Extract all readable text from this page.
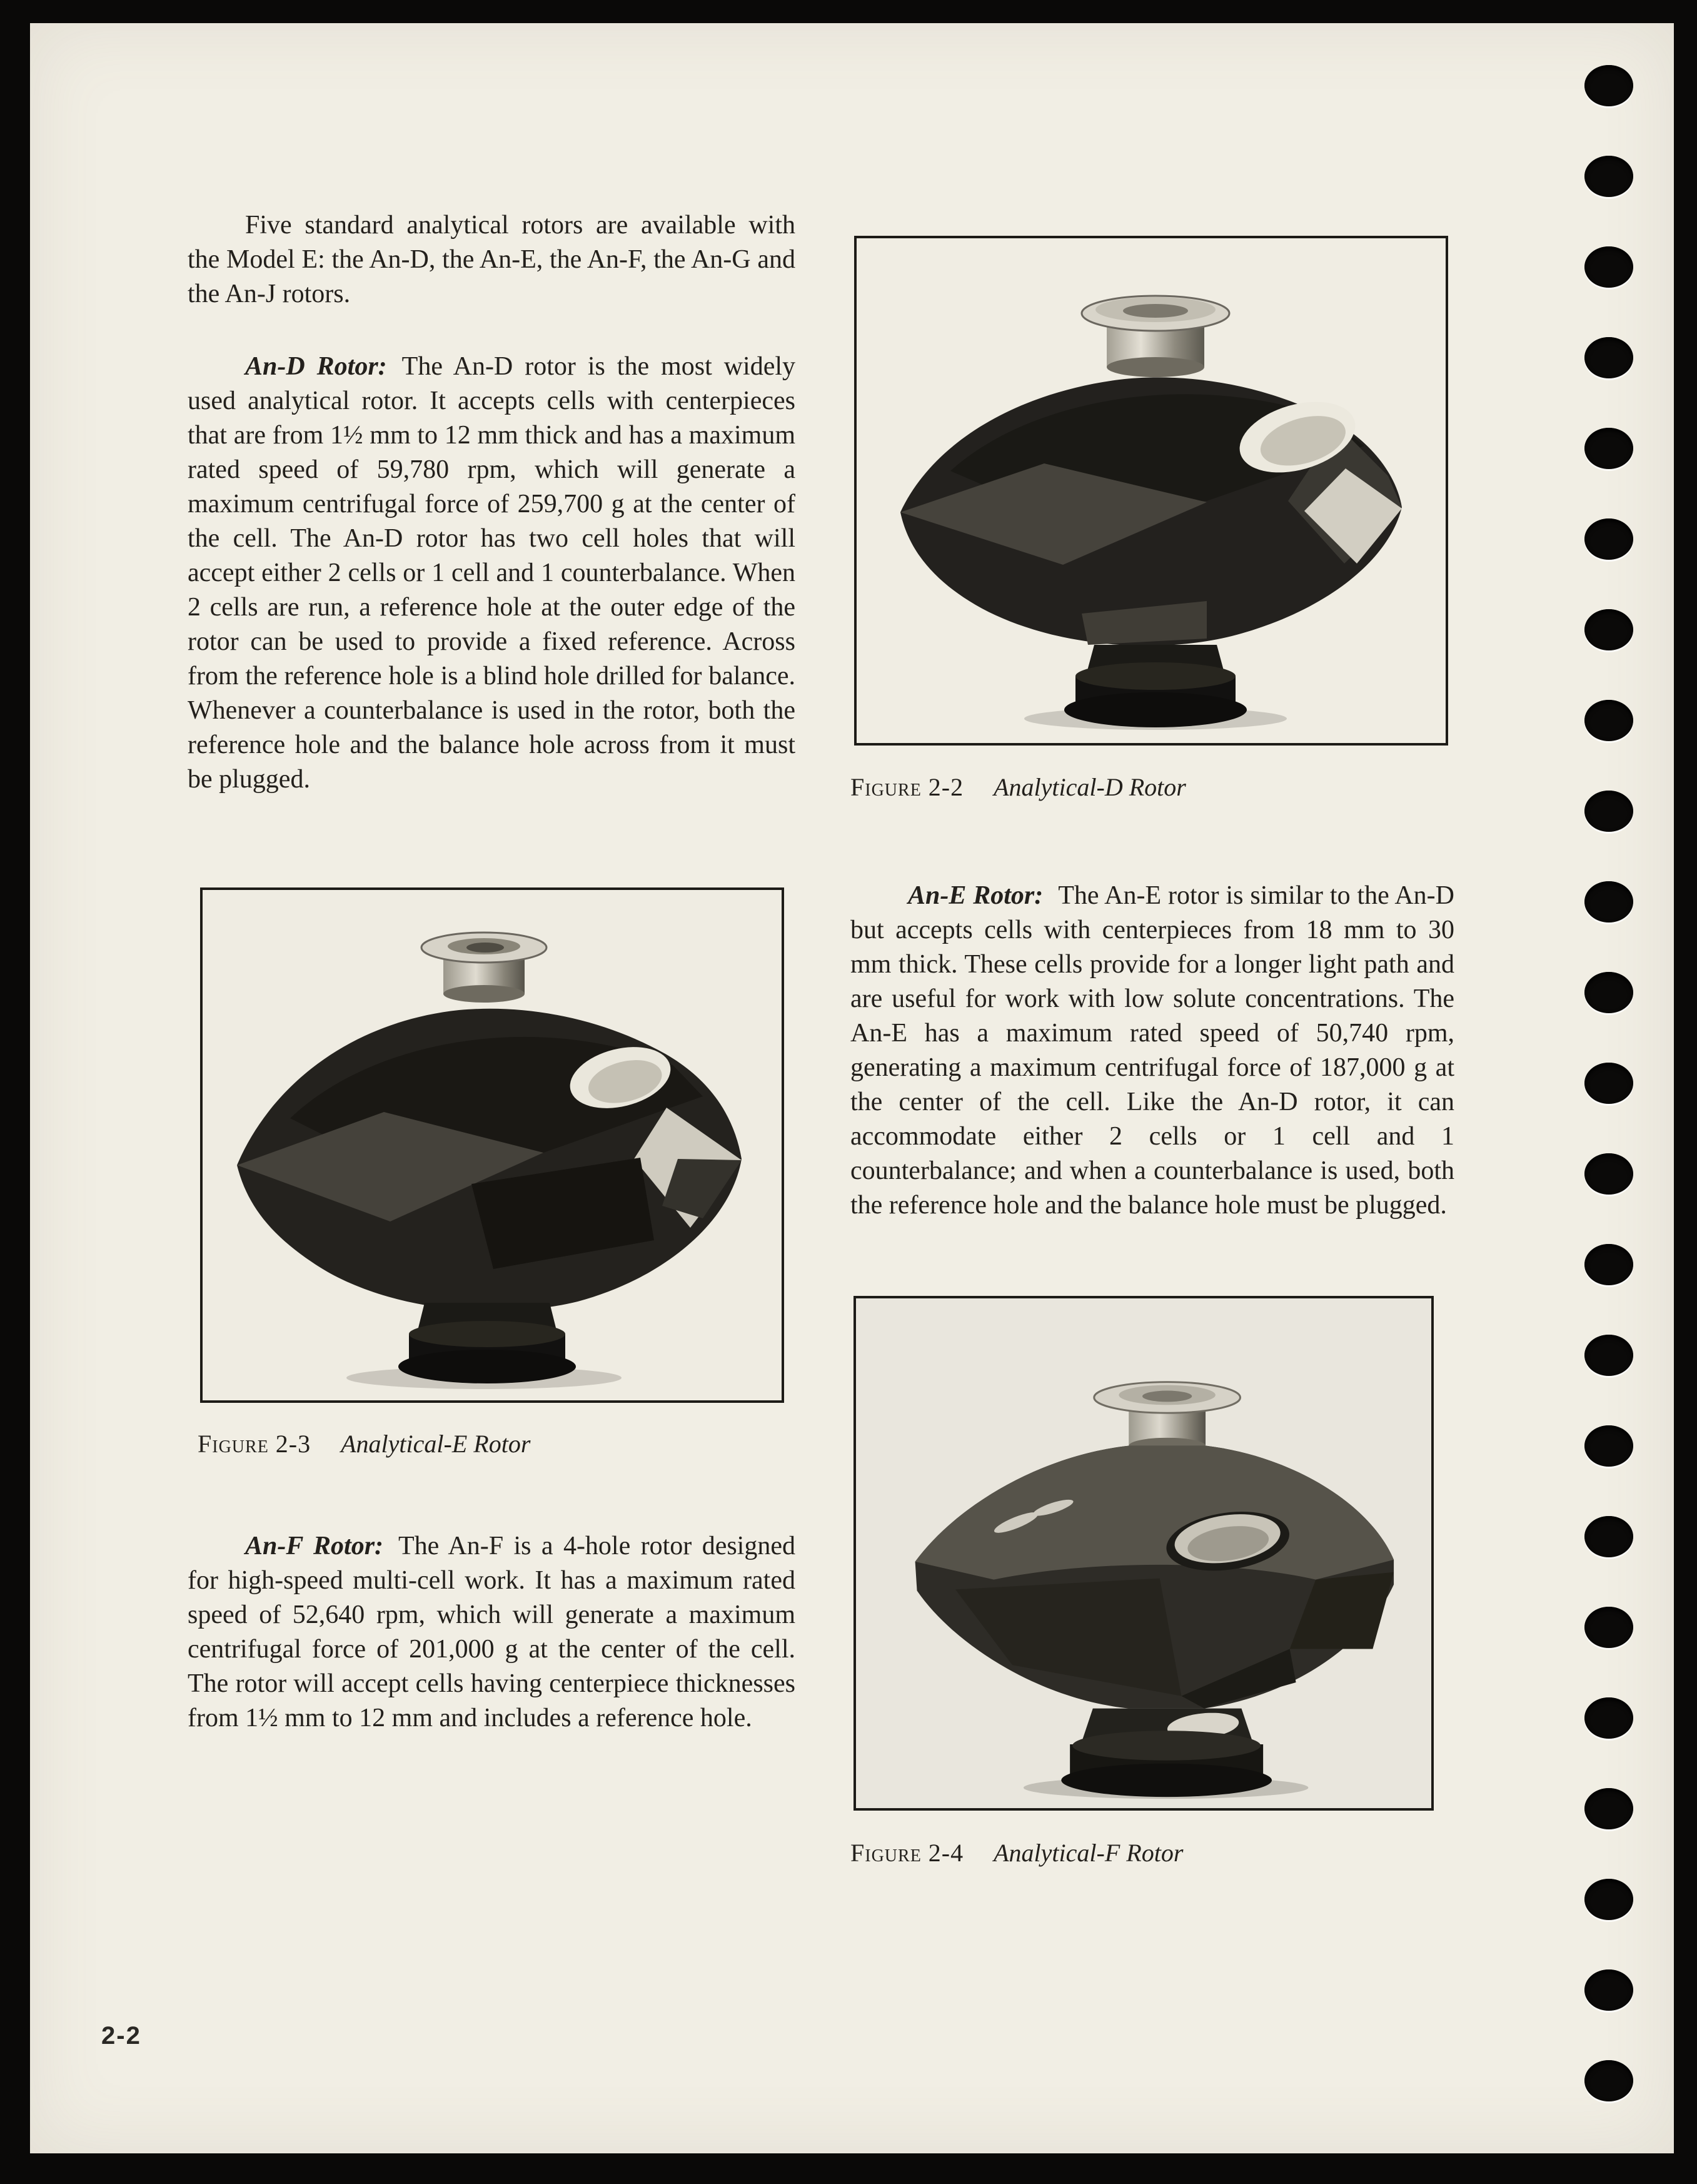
Five standard analytical rotors are available with the Model E: the An-D, the An-E, the An-F, the An-G and the An-J rotors.

An-D Rotor: The An-D rotor is the most widely used analytical rotor. It accepts cells with centerpieces that are from 1½ mm to 12 mm thick and has a maximum rated speed of 59,780 rpm, which will generate a maximum centrifugal force of 259,700 g at the center of the cell. The An-D rotor has two cell holes that will accept either 2 cells or 1 cell and 1 counterbalance. When 2 cells are run, a reference hole at the outer edge of the rotor can be used to provide a fixed reference. Across from the reference hole is a blind hole drilled for balance. Whenever a counterbalance is used in the rotor, both the reference hole and the balance hole across from it must be plugged.	Figure 2-2 Analytical-D Rotor

An-E Rotor: The An-E rotor is similar to the An-D but accepts cells with centerpieces from 18 mm to 30 mm thick. These cells provide for a longer light path and are useful for work with low solute concentrations. The An-E has a maximum rated speed of 50,740 rpm, generating a maximum centrifugal force of 187,000 g at the center of the cell. Like the An-D rotor, it can accommodate either 2 cells or 1 cell and 1 counterbalance; and when a counterbalance is used, both the reference hole and the balance hole must be plugged.

Figure 2-3 Analytical-E Rotor

An-F Rotor: The An-F is a 4-hole rotor designed for high-speed multi-cell work. It has a maximum rated speed of 52,640 rpm, which will generate a maximum centrifugal force of 201,000 g at the center of the cell. The rotor will accept cells having centerpiece thicknesses from 1½ mm to 12 mm and includes a reference hole.

Figure 2-4 Analytical-F Rotor
2-2
